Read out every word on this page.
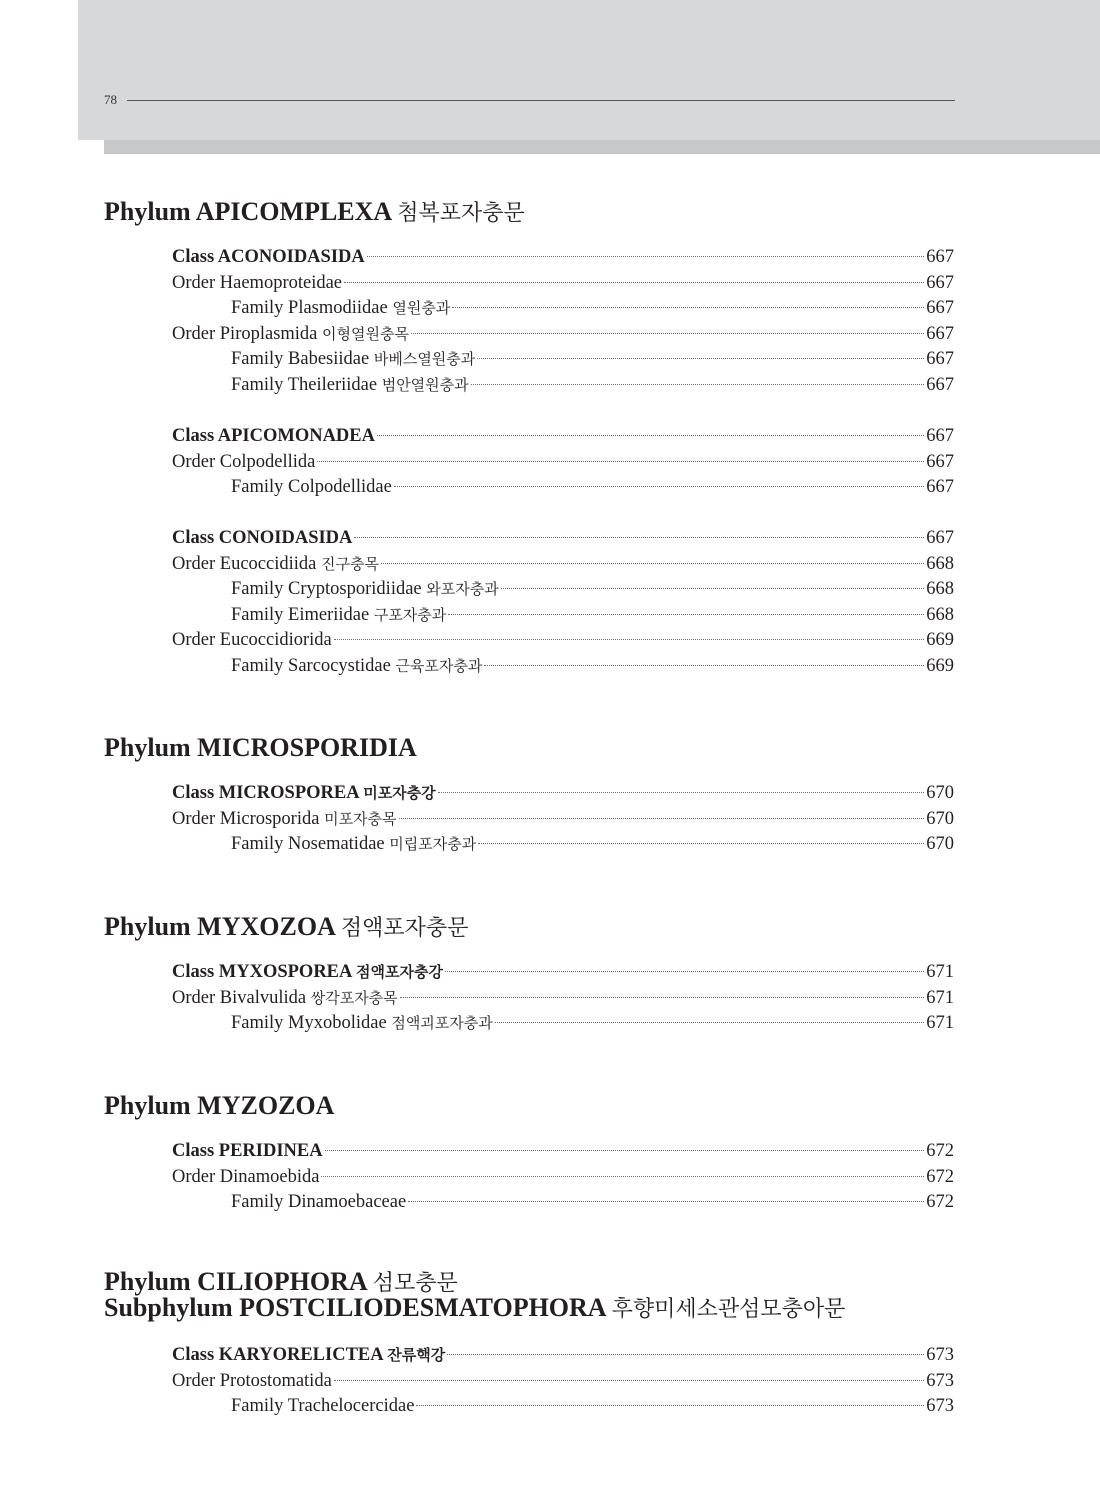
78
Phylum APICOMPLEXA 첨복포자충문
Class ACONOIDASIDA	667
Order Haemoproteidae	667
Family Plasmodiidae 열원충과	667
Order Piroplasmida 이형열원충목	667
Family Babesiidae 바베스열원충과	667
Family Theileriidae 범안열원충과	667
Class APICOMONADEA	667
Order Colpodellida	667
Family Colpodellidae	667
Class CONOIDASIDA	667
Order Eucoccidiida 진구충목	668
Family Cryptosporidiidae 와포자충과	668
Family Eimeriidae 구포자충과	668
Order Eucoccidiorida	669
Family Sarcocystidae 근육포자충과	669
Phylum MICROSPORIDIA
Class MICROSPOREA 미포자충강	670
Order Microsporida 미포자충목	670
Family Nosematidae 미립포자충과	670
Phylum MYXOZOA 점액포자충문
Class MYXOSPOREA 점액포자충강	671
Order Bivalvulida 쌍각포자충목	671
Family Myxobolidae 점액괴포자충과	671
Phylum MYZOZOA
Class PERIDINEA	672
Order Dinamoebida	672
Family Dinamoebaceae	672
Phylum CILIOPHORA 섬모충문
Subphylum POSTCILIODESMATOPHORA 후향미세소관섬모충아문
Class KARYORELICTEA 잔류핵강	673
Order Protostomatida	673
Family Trachelocercidae	673
